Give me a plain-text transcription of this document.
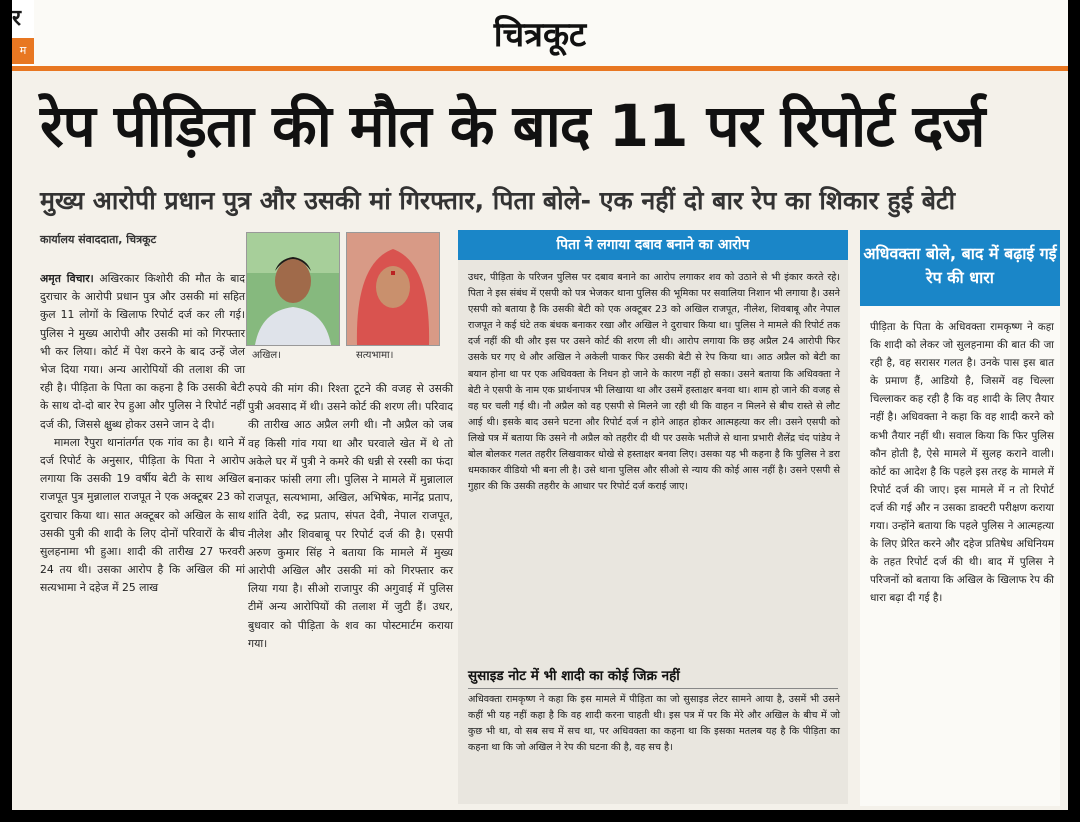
र
म	चित्रकूट
रेप पीड़िता की मौत के बाद 11 पर रिपोर्ट दर्ज
मुख्य आरोपी प्रधान पुत्र और उसकी मां गिरफ्तार, पिता बोले- एक नहीं दो बार रेप का शिकार हुई बेटी
कार्यालय संवाददाता, चित्रकूट

अमृत विचार। अखिरकार किशोरी की मौत के बाद दुराचार के आरोपी प्रधान पुत्र और उसकी मां सहित कुल 11 लोगों के खिलाफ रिपोर्ट दर्ज कर ली गई। पुलिस ने मुख्य आरोपी और उसकी मां को गिरफ्तार भी कर लिया। कोर्ट में पेश करने के बाद उन्हें जेल भेज दिया गया। अन्य आरोपियों की तलाश की जा रही है। पीड़िता के पिता का कहना है कि उसकी बेटी के साथ दो-दो बार रेप हुआ और पुलिस ने रिपोर्ट नहीं दर्ज की, जिससे क्षुब्ध होकर उसने जान दे दी।

मामला रैपुरा थानांतर्गत एक गांव का है। थाने में दर्ज रिपोर्ट के अनुसार, पीड़िता के पिता ने आरोप लगाया कि उसकी 19 वर्षीय बेटी के साथ अखिल राजपूत पुत्र मुन्नालाल राजपूत ने एक अक्टूबर 23 को दुराचार किया था। सात अक्टूबर को अखिल के साथ उसकी पुत्री की शादी के लिए दोनों परिवारों के बीच सुलहनामा भी हुआ। शादी की तारीख 27 फरवरी 24 तय थी। उसका आरोप है कि अखिल की मां सत्यभामा ने दहेज में 25 लाख

अखिल।	सत्यभामा।

रुपये की मांग की। रिश्ता टूटने की वजह से उसकी पुत्री अवसाद में थी। उसने कोर्ट की शरण ली। परिवाद की तारीख आठ अप्रैल लगी थी। नौ अप्रैल को जब वह किसी गांव गया था और घरवाले खेत में थे तो अकेले घर में पुत्री ने कमरे की धन्नी से रस्सी का फंदा बनाकर फांसी लगा ली। पुलिस ने मामले में मुन्नालाल राजपूत, सत्यभामा, अखिल, अभिषेक, मानेंद्र प्रताप, शांति देवी, रुद्र प्रताप, संपत देवी, नेपाल राजपूत, नीलेश और शिवबाबू पर रिपोर्ट दर्ज की है। एसपी अरुण कुमार सिंह ने बताया कि मामले में मुख्य आरोपी अखिल और उसकी मां को गिरफ्तार कर लिया गया है। सीओ राजापुर की अगुवाई में पुलिस टीमें अन्य आरोपियों की तलाश में जुटी हैं। उधर, बुधवार को पीड़िता के शव का पोस्टमार्टम कराया गया।

पिता ने लगाया दबाव बनाने का आरोप
उधर, पीड़िता के परिजन पुलिस पर दबाव बनाने का आरोप लगाकर शव को उठाने से भी इंकार करते रहे। पिता ने इस संबंध में एसपी को पत्र भेजकर थाना पुलिस की भूमिका पर सवालिया निशान भी लगाया है। उसने एसपी को बताया है कि उसकी बेटी को एक अक्टूबर 23 को अखिल राजपूत, नीलेश, शिवबाबू और नेपाल राजपूत ने कई घंटे तक बंधक बनाकर रखा और अखिल ने दुराचार किया था। पुलिस ने मामले की रिपोर्ट तक दर्ज नहीं की थी और इस पर उसने कोर्ट की शरण ली थी। आरोप लगाया कि छह अप्रैल 24 आरोपी फिर उसके घर गए थे और अखिल ने अकेली पाकर फिर उसकी बेटी से रेप किया था। आठ अप्रैल को बेटी का बयान होना था पर एक अधिवक्ता के निधन हो जाने के कारण नहीं हो सका। उसने बताया कि अधिवक्ता ने बेटी ने एसपी के नाम एक प्रार्थनापत्र भी लिखाया था और उसमें हस्ताक्षर बनवा था। शाम हो जाने की वजह से वह घर चली गई थी। नौ अप्रैल को वह एसपी से मिलने जा रही थी कि वाहन न मिलने से बीच रास्ते से लौट आई थी। इसके बाद उसने घटना और रिपोर्ट दर्ज न होने आहत होकर आत्महत्या कर ली। उसने एसपी को लिखे पत्र में बताया कि उसने नौ अप्रैल को तहरीर दी थी पर उसके भतीजे से थाना प्रभारी शैलेंद्र चंद पांडेय ने बोल बोलकर गलत तहरीर लिखवाकर धोखे से हस्ताक्षर बनवा लिए। उसका यह भी कहना है कि पुलिस ने डरा धमकाकर वीडियो भी बना ली है। उसे थाना पुलिस और सीओ से न्याय की कोई आस नहीं है। उसने एसपी से गुहार की कि उसकी तहरीर के आधार पर रिपोर्ट दर्ज कराई जाए।
सुसाइड नोट में भी शादी का कोई जिक्र नहीं
अधिवक्ता रामकृष्ण ने कहा कि इस मामले में पीड़िता का जो सुसाइड लेटर सामने आया है, उसमें भी उसने कहीं भी यह नहीं कहा है कि वह शादी करना चाहती थी। इस पत्र में पर कि मेरे और अखिल के बीच में जो कुछ भी था, वो सब सच में सच था, पर अधिवक्ता का कहना था कि इसका मतलब यह है कि पीड़िता का कहना था कि जो अखिल ने रेप की घटना की है, वह सच है।
अधिवक्ता बोले, बाद में बढ़ाई गई रेप की धारा
पीड़िता के पिता के अधिवक्ता रामकृष्ण ने कहा कि शादी को लेकर जो सुलहनामा की बात की जा रही है, वह सरासर गलत है। उनके पास इस बात के प्रमाण हैं, आडियो है, जिसमें वह चिल्ला चिल्लाकर कह रही है कि वह शादी के लिए तैयार नहीं है। अधिवक्ता ने कहा कि वह शादी करने को कभी तैयार नहीं थी। सवाल किया कि फिर पुलिस कौन होती है, ऐसे मामले में सुलह कराने वाली। कोर्ट का आदेश है कि पहले इस तरह के मामले में रिपोर्ट दर्ज की जाए। इस मामले में न तो रिपोर्ट दर्ज की गई और न उसका डाक्टरी परीक्षण कराया गया। उन्होंने बताया कि पहले पुलिस ने आत्महत्या के लिए प्रेरित करने और दहेज प्रतिषेध अधिनियम के तहत रिपोर्ट दर्ज की थी। बाद में पुलिस ने परिजनों को बताया कि अखिल के खिलाफ रेप की धारा बढ़ा दी गई है।
